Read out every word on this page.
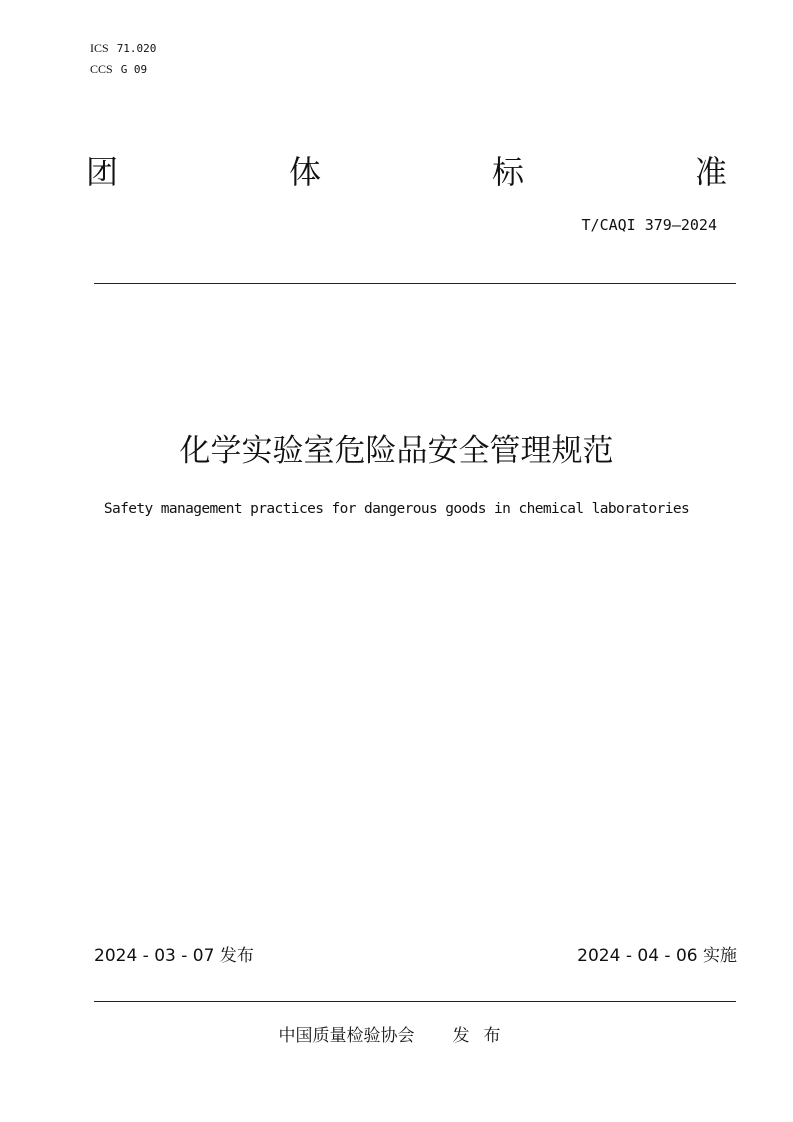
ICS 71.020
CCS G 09
团	体	标	准
T/CAQI 379—2024
化学实验室危险品安全管理规范
Safety management practices for dangerous goods in chemical laboratories
2024 - 03 - 07 发布	2024 - 04 - 06 实施
中国质量检验协会 发布
